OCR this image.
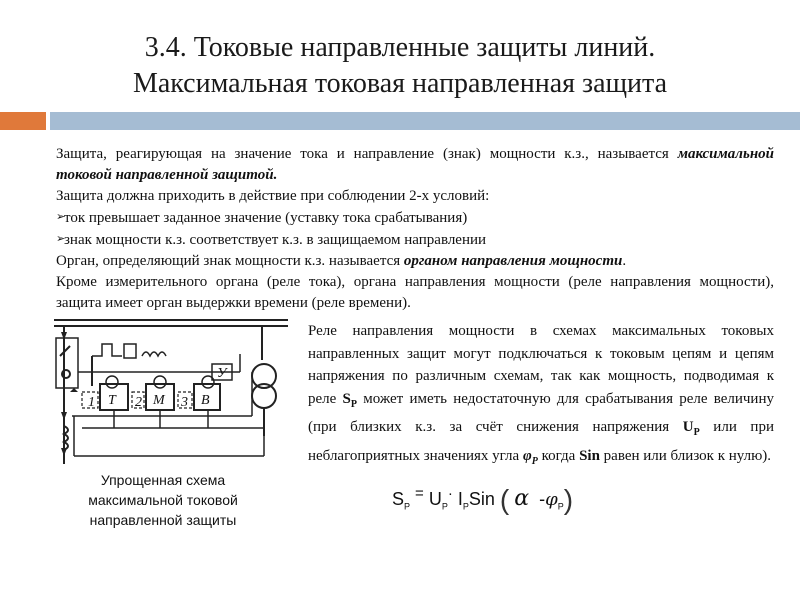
3.4. Токовые направленные защиты линий.
Максимальная токовая направленная защита

Защита, реагирующая на значение тока и направление (знак) мощности к.з., называется максимальной токовой направленной защитой.

Защита должна приходить в действие при соблюдении 2-х условий:

➢ток превышает заданное значение (уставку тока срабатывания)

➢знак мощности к.з. соответствует к.з. в защищаемом направлении

Орган, определяющий знак мощности к.з. называется органом направления мощности.

Кроме измерительного органа (реле тока), органа направления мощности (реле направления мощности), защита имеет орган выдержки времени (реле времени).

1 Т 2 М 3 В
У
Упрощенная схема
максимальной токовой
направленной защиты
Реле направления мощности в схемах максимальных токовых направленных защит могут подключаться к токовым цепям и цепям напряжения по различным схемам, так как мощность, подводимая к реле $S_P$ может иметь недостаточную для срабатывания реле величину (при близких к.з. за счёт снижения напряжения $U_P$ или при неблагоприятных значениях угла $\varphi_P$ когда Sin равен или близок к нулю).
$S_P$ = $U_P^\cdot$ $I_PSin$ ( α $-\varphi_P$)
